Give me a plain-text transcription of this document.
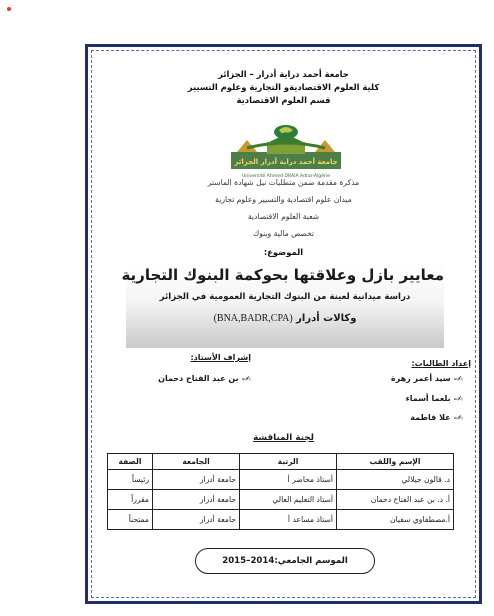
جامعة أحمد دراية أدرار – الجزائر
كلية العلوم الاقتصاديةو التجارية وعلوم التسيير
قسم العلوم الاقتصادية
جامعة أحمد دراية أدرار الجزائر
Université Ahmed DRAIA Adrar-Algérie
مذكرة مقدمة ضمن متطلبات نيل شهادة الماستر
ميدان علوم اقتصادية والتسيير وعلوم تجارية
شعبة العلوم الاقتصادية
تخصص مالية وبنوك
الموضوع:
معايير بازل وعلاقتها بحوكمة البنوك التجارية
دراسة ميدانية لعينة من البنوك التجارية العمومية في الجزائر
وكالات أدرار (BNA,BADR,CPA)
إعداد الطالبات:
إشراف الأستاذ:
✍–سيد أعمر زهرة
✍–بلعما أسماء
✍–علا فاطمة
✍–بن عبد الفتاح دحمان
لجنة المناقشة
الإسم واللقب	الرتبة	الجامعة	الصفة
د. قالون جيلالي	أستاذ محاضر أ	جامعة أدرار	رئيساً
أ. د. بن عبد الفتاح دحمان	أستاذ التعليم العالي	جامعة أدرار	مقرراً
أ.مصطفاوي سفيان	أستاذ مساعد أ	جامعة أدرار	ممتحناً
الموسم الجامعي:2014–2015
